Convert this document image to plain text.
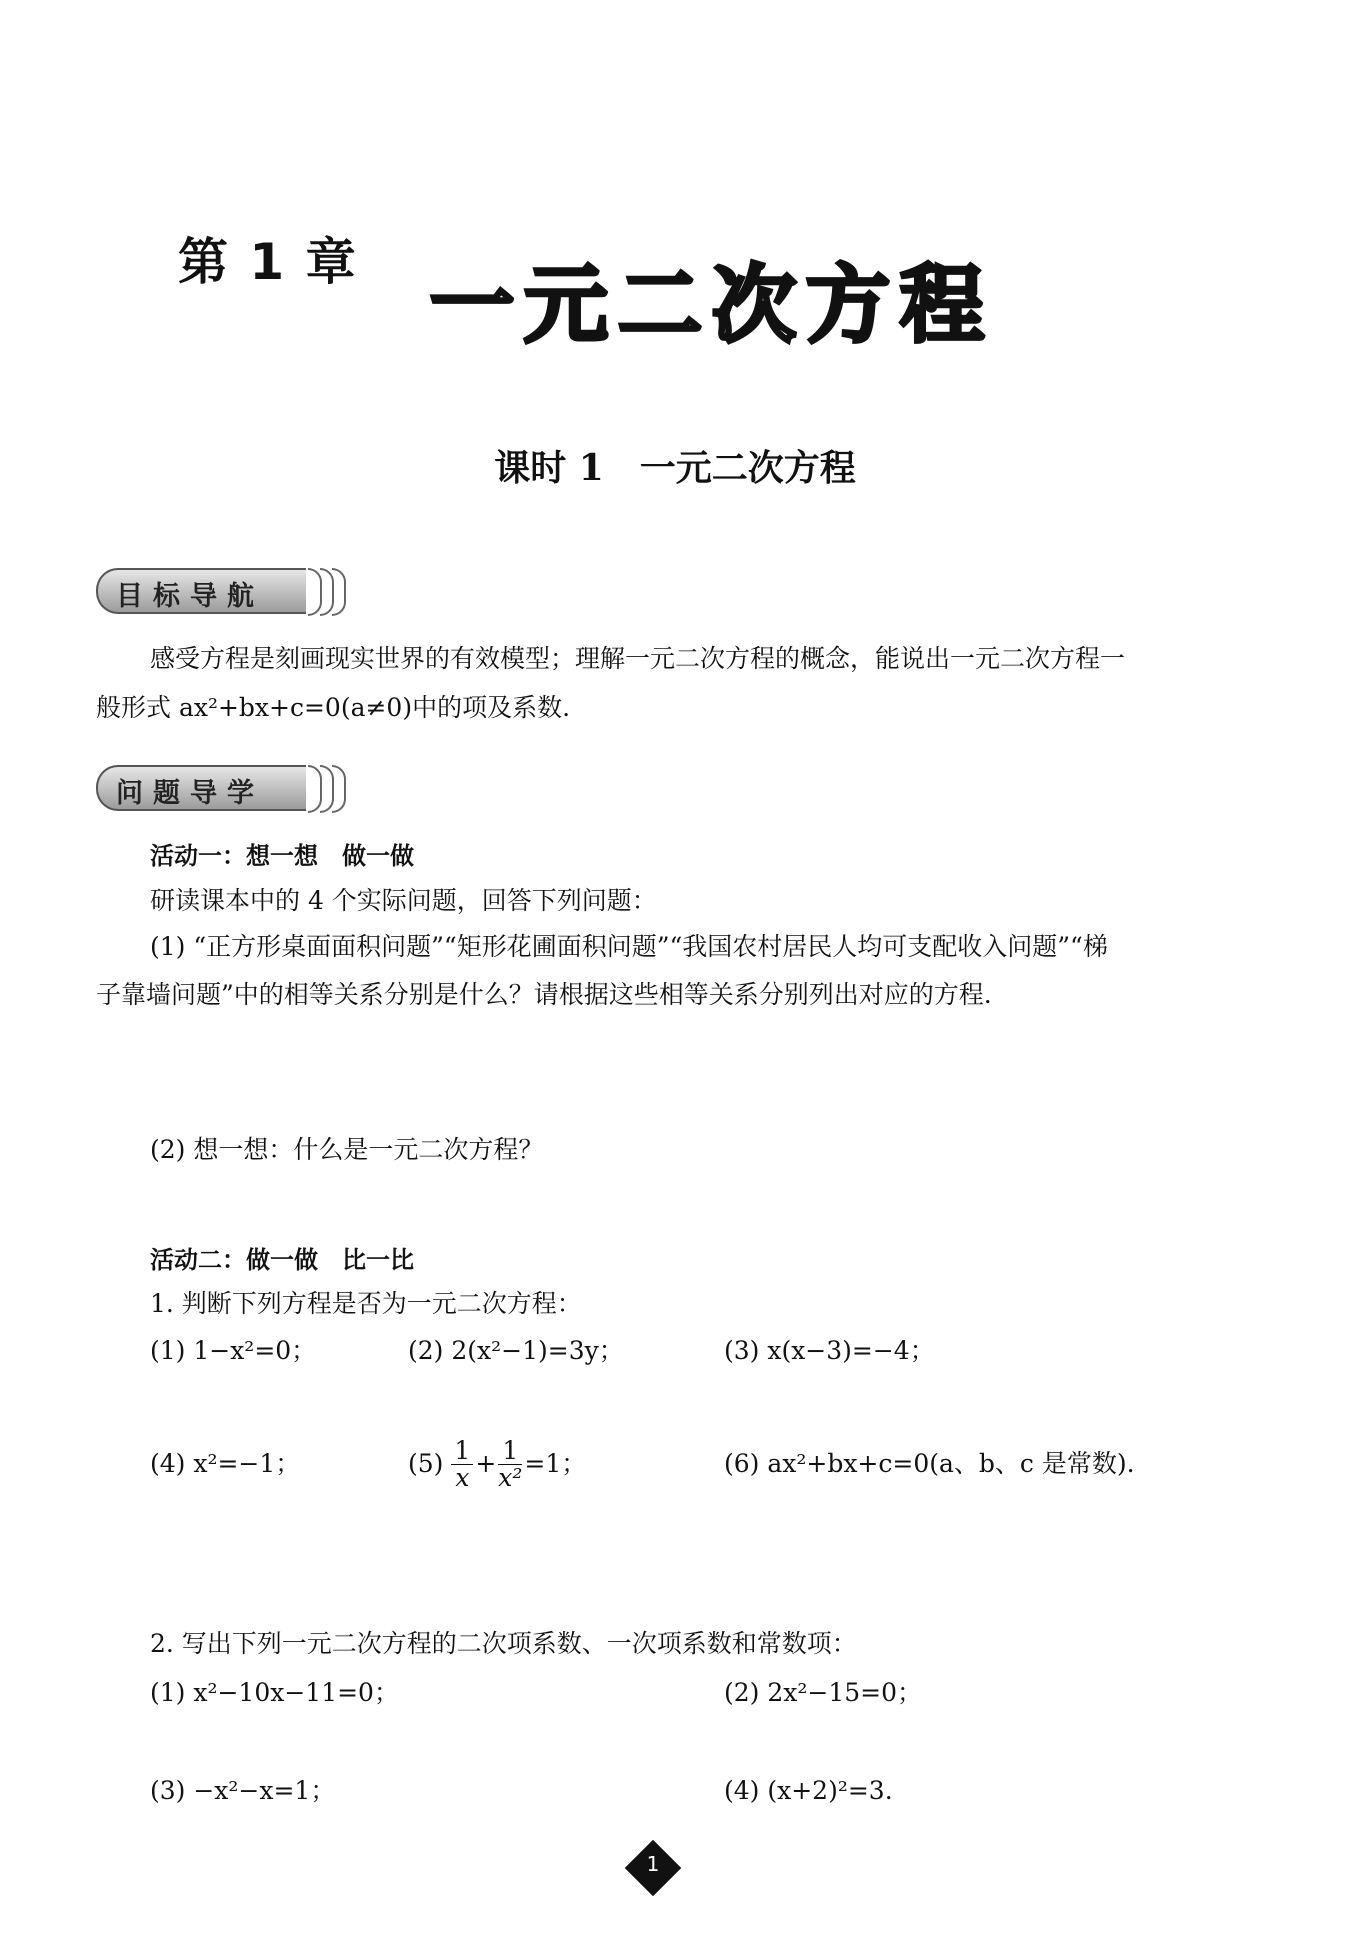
第 1 章 一元二次方程
课时 1　一元二次方程
目标导航
感受方程是刻画现实世界的有效模型；理解一元二次方程的概念，能说出一元二次方程一
般形式 ax²+bx+c=0(a≠0)中的项及系数.
问题导学
活动一：想一想　做一做
研读课本中的 4 个实际问题，回答下列问题：
(1) “正方形桌面面积问题”“矩形花圃面积问题”“我国农村居民人均可支配收入问题”“梯
子靠墙问题”中的相等关系分别是什么？请根据这些相等关系分别列出对应的方程.
(2) 想一想：什么是一元二次方程？
活动二：做一做　比一比
1. 判断下列方程是否为一元二次方程：
(1) 1−x²=0；	(2) 2(x²−1)=3y；	(3) x(x−3)=−4；
(4) x²=−1；	$(5) \frac{1}{x} + \frac{1}{\text{x²}} =1$；	(6) ax²+bx+c=0(a、b、c 是常数).
2. 写出下列一元二次方程的二次项系数、一次项系数和常数项：
(1) x²−10x−11=0；	(2) 2x²−15=0；
(3) −x²−x=1；	(4) (x+2)²=3.
1
